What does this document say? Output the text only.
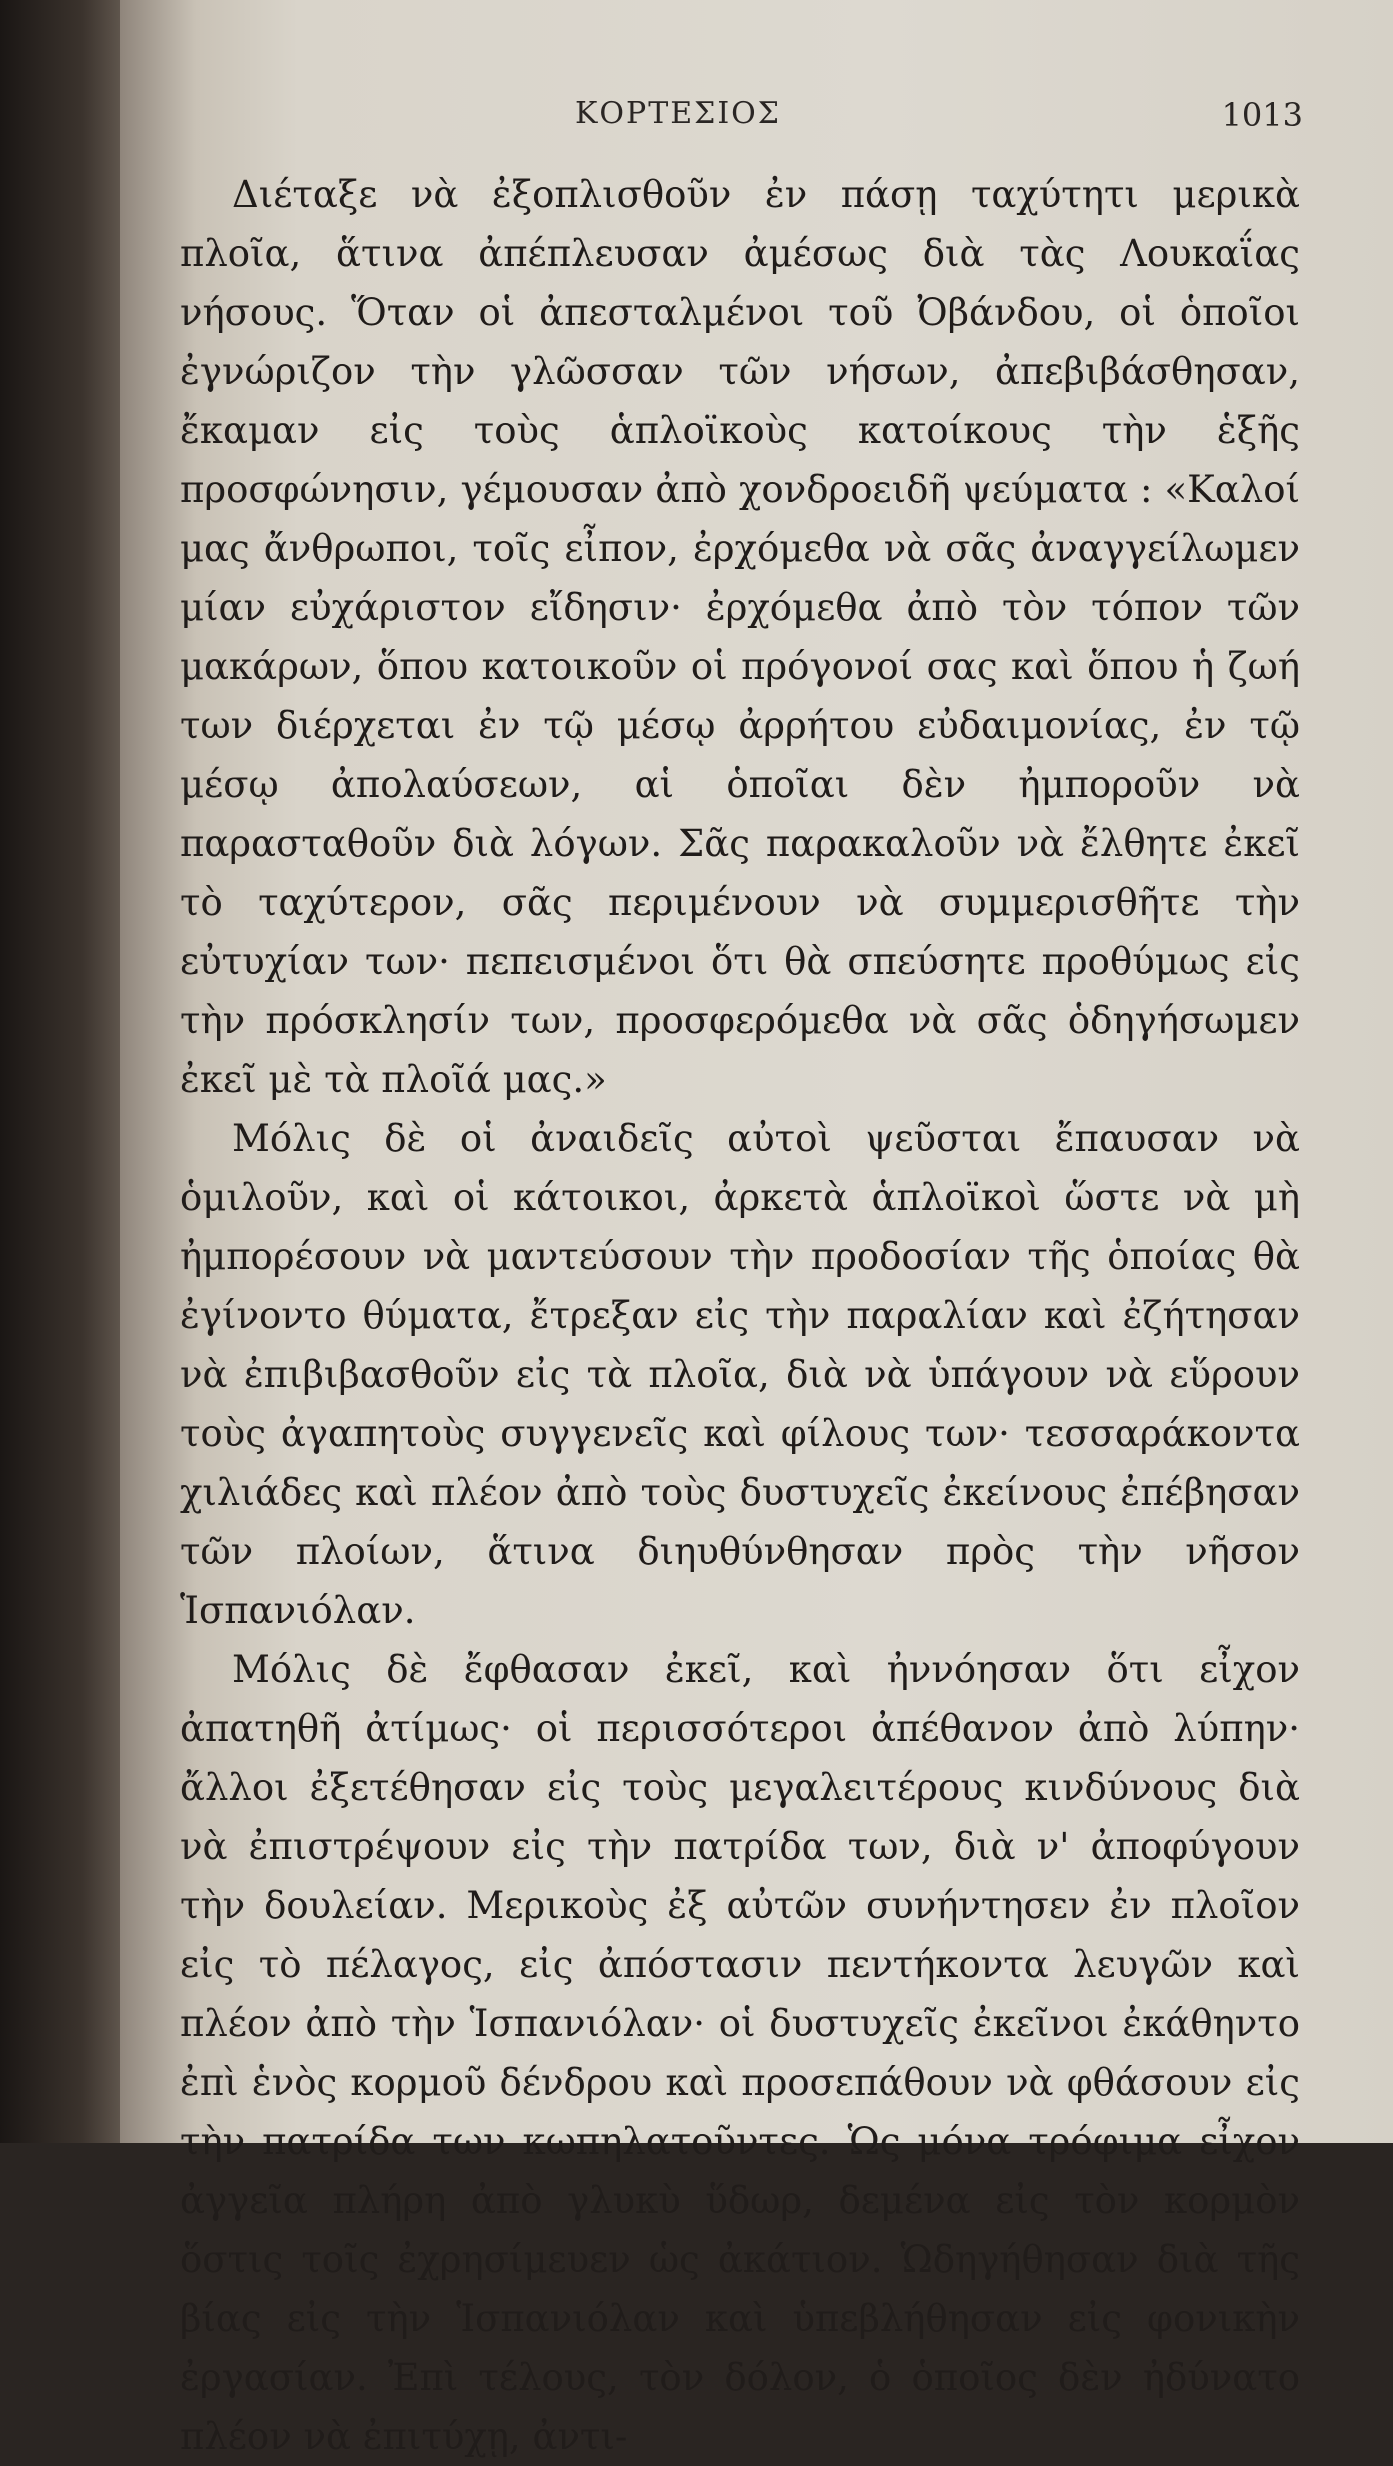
ΚΟΡΤΕΣΙΟΣ	1013

Διέταξε νὰ ἐξοπλισθοῦν ἐν πάσῃ ταχύτητι μερικὰ πλοῖα, ἅτινα ἀπέπλευσαν ἀμέσως διὰ τὰς Λουκαΐας νήσους. Ὅταν οἱ ἀπεσταλμένοι τοῦ Ὀβάνδου, οἱ ὁποῖοι ἐγνώριζον τὴν γλῶσσαν τῶν νήσων, ἀπεβιβάσθησαν, ἔκαμαν εἰς τοὺς ἁπλοϊκοὺς κατοίκους τὴν ἑξῆς προσφώνησιν, γέμουσαν ἀπὸ χονδροειδῆ ψεύματα : «Καλοί μας ἄνθρωποι, τοῖς εἶπον, ἐρχόμεθα νὰ σᾶς ἀναγγείλωμεν μίαν εὐχάριστον εἴδησιν· ἐρχόμεθα ἀπὸ τὸν τόπον τῶν μακάρων, ὅπου κατοικοῦν οἱ πρόγονοί σας καὶ ὅπου ἡ ζωή των διέρχεται ἐν τῷ μέσῳ ἀρρήτου εὐδαιμονίας, ἐν τῷ μέσῳ ἀπολαύσεων, αἱ ὁποῖαι δὲν ἠμποροῦν νὰ παρασταθοῦν διὰ λόγων. Σᾶς παρακαλοῦν νὰ ἔλθητε ἐκεῖ τὸ ταχύτερον, σᾶς περιμένουν νὰ συμμερισθῆτε τὴν εὐτυχίαν των· πεπεισμένοι ὅτι θὰ σπεύσητε προθύμως εἰς τὴν πρόσκλησίν των, προσφερόμεθα νὰ σᾶς ὁδηγήσωμεν ἐκεῖ μὲ τὰ πλοῖά μας.»

Μόλις δὲ οἱ ἀναιδεῖς αὐτοὶ ψεῦσται ἔπαυσαν νὰ ὁμιλοῦν, καὶ οἱ κάτοικοι, ἀρκετὰ ἁπλοϊκοὶ ὥστε νὰ μὴ ἠμπορέσουν νὰ μαντεύσουν τὴν προδοσίαν τῆς ὁποίας θὰ ἐγίνοντο θύματα, ἔτρεξαν εἰς τὴν παραλίαν καὶ ἐζήτησαν νὰ ἐπιβιβασθοῦν εἰς τὰ πλοῖα, διὰ νὰ ὑπάγουν νὰ εὕρουν τοὺς ἀγαπητοὺς συγγενεῖς καὶ φίλους των· τεσσαράκοντα χιλιάδες καὶ πλέον ἀπὸ τοὺς δυστυχεῖς ἐκείνους ἐπέβησαν τῶν πλοίων, ἅτινα διηυθύνθησαν πρὸς τὴν νῆσον Ἱσπανιόλαν.

Μόλις δὲ ἔφθασαν ἐκεῖ, καὶ ἠννόησαν ὅτι εἶχον ἀπατηθῆ ἀτίμως· οἱ περισσότεροι ἀπέθανον ἀπὸ λύπην· ἄλλοι ἐξετέθησαν εἰς τοὺς μεγαλειτέρους κινδύνους διὰ νὰ ἐπιστρέψουν εἰς τὴν πατρίδα των, διὰ ν' ἀποφύγουν τὴν δουλείαν. Μερικοὺς ἐξ αὐτῶν συνήντησεν ἐν πλοῖον εἰς τὸ πέλαγος, εἰς ἀπόστασιν πεντήκοντα λευγῶν καὶ πλέον ἀπὸ τὴν Ἱσπανιόλαν· οἱ δυστυχεῖς ἐκεῖνοι ἐκάθηντο ἐπὶ ἑνὸς κορμοῦ δένδρου καὶ προσεπάθουν νὰ φθάσουν εἰς τὴν πατρίδα των κωπηλατοῦντες. Ὡς μόνα τρόφιμα εἶχον ἀγγεῖα πλήρη ἀπὸ γλυκὺ ὕδωρ, δεμένα εἰς τὸν κορμὸν ὅστις τοῖς ἐχρησίμευεν ὡς ἀκάτιον. Ὡδηγήθησαν διὰ τῆς βίας εἰς τὴν Ἱσπανιόλαν καὶ ὑπεβλήθησαν εἰς φονικὴν ἐργασίαν. Ἐπὶ τέλους, τὸν δόλον, ὁ ὁποῖος δὲν ἠδύνατο πλέον νὰ ἐπιτύχῃ, ἀντι-
